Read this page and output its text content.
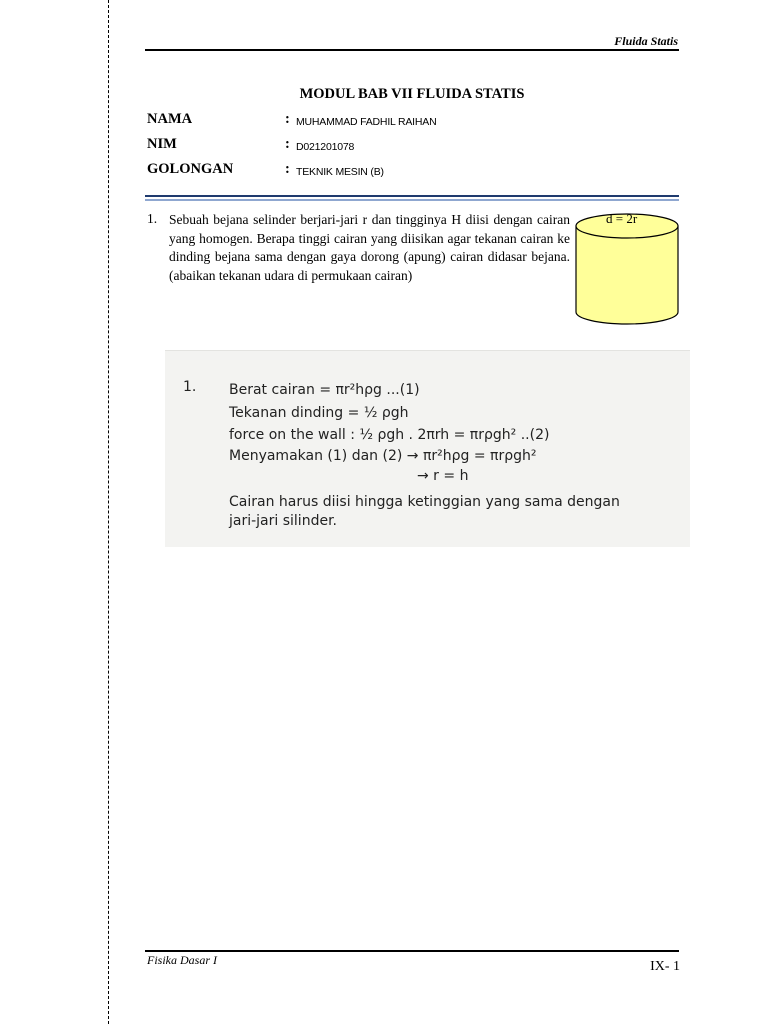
Fluida Statis
MODUL BAB VII FLUIDA STATIS
NAMA	: MUHAMMAD FADHIL RAIHAN
NIM	: D021201078
GOLONGAN	: TEKNIK MESIN (B)
1. Sebuah bejana selinder berjari-jari r dan tingginya H diisi dengan cairan yang homogen. Berapa tinggi cairan yang diisikan agar tekanan cairan ke dinding bejana sama dengan gaya dorong (apung) cairan didasar bejana.(abaikan tekanan udara di permukaan cairan)

d = 2r
1. Berat cairan = πr²hρg ...(1)
Tekanan dinding = ½ ρgh
force on the wall : ½ ρgh . 2πrh = πrρgh² ..(2)
Menyamakan (1) dan (2) → πr²hρg = πrρgh²
→ r = h
Cairan harus diisi hingga ketinggian yang sama dengan
jari-jari silinder.
Fisika Dasar I	IX- 1
